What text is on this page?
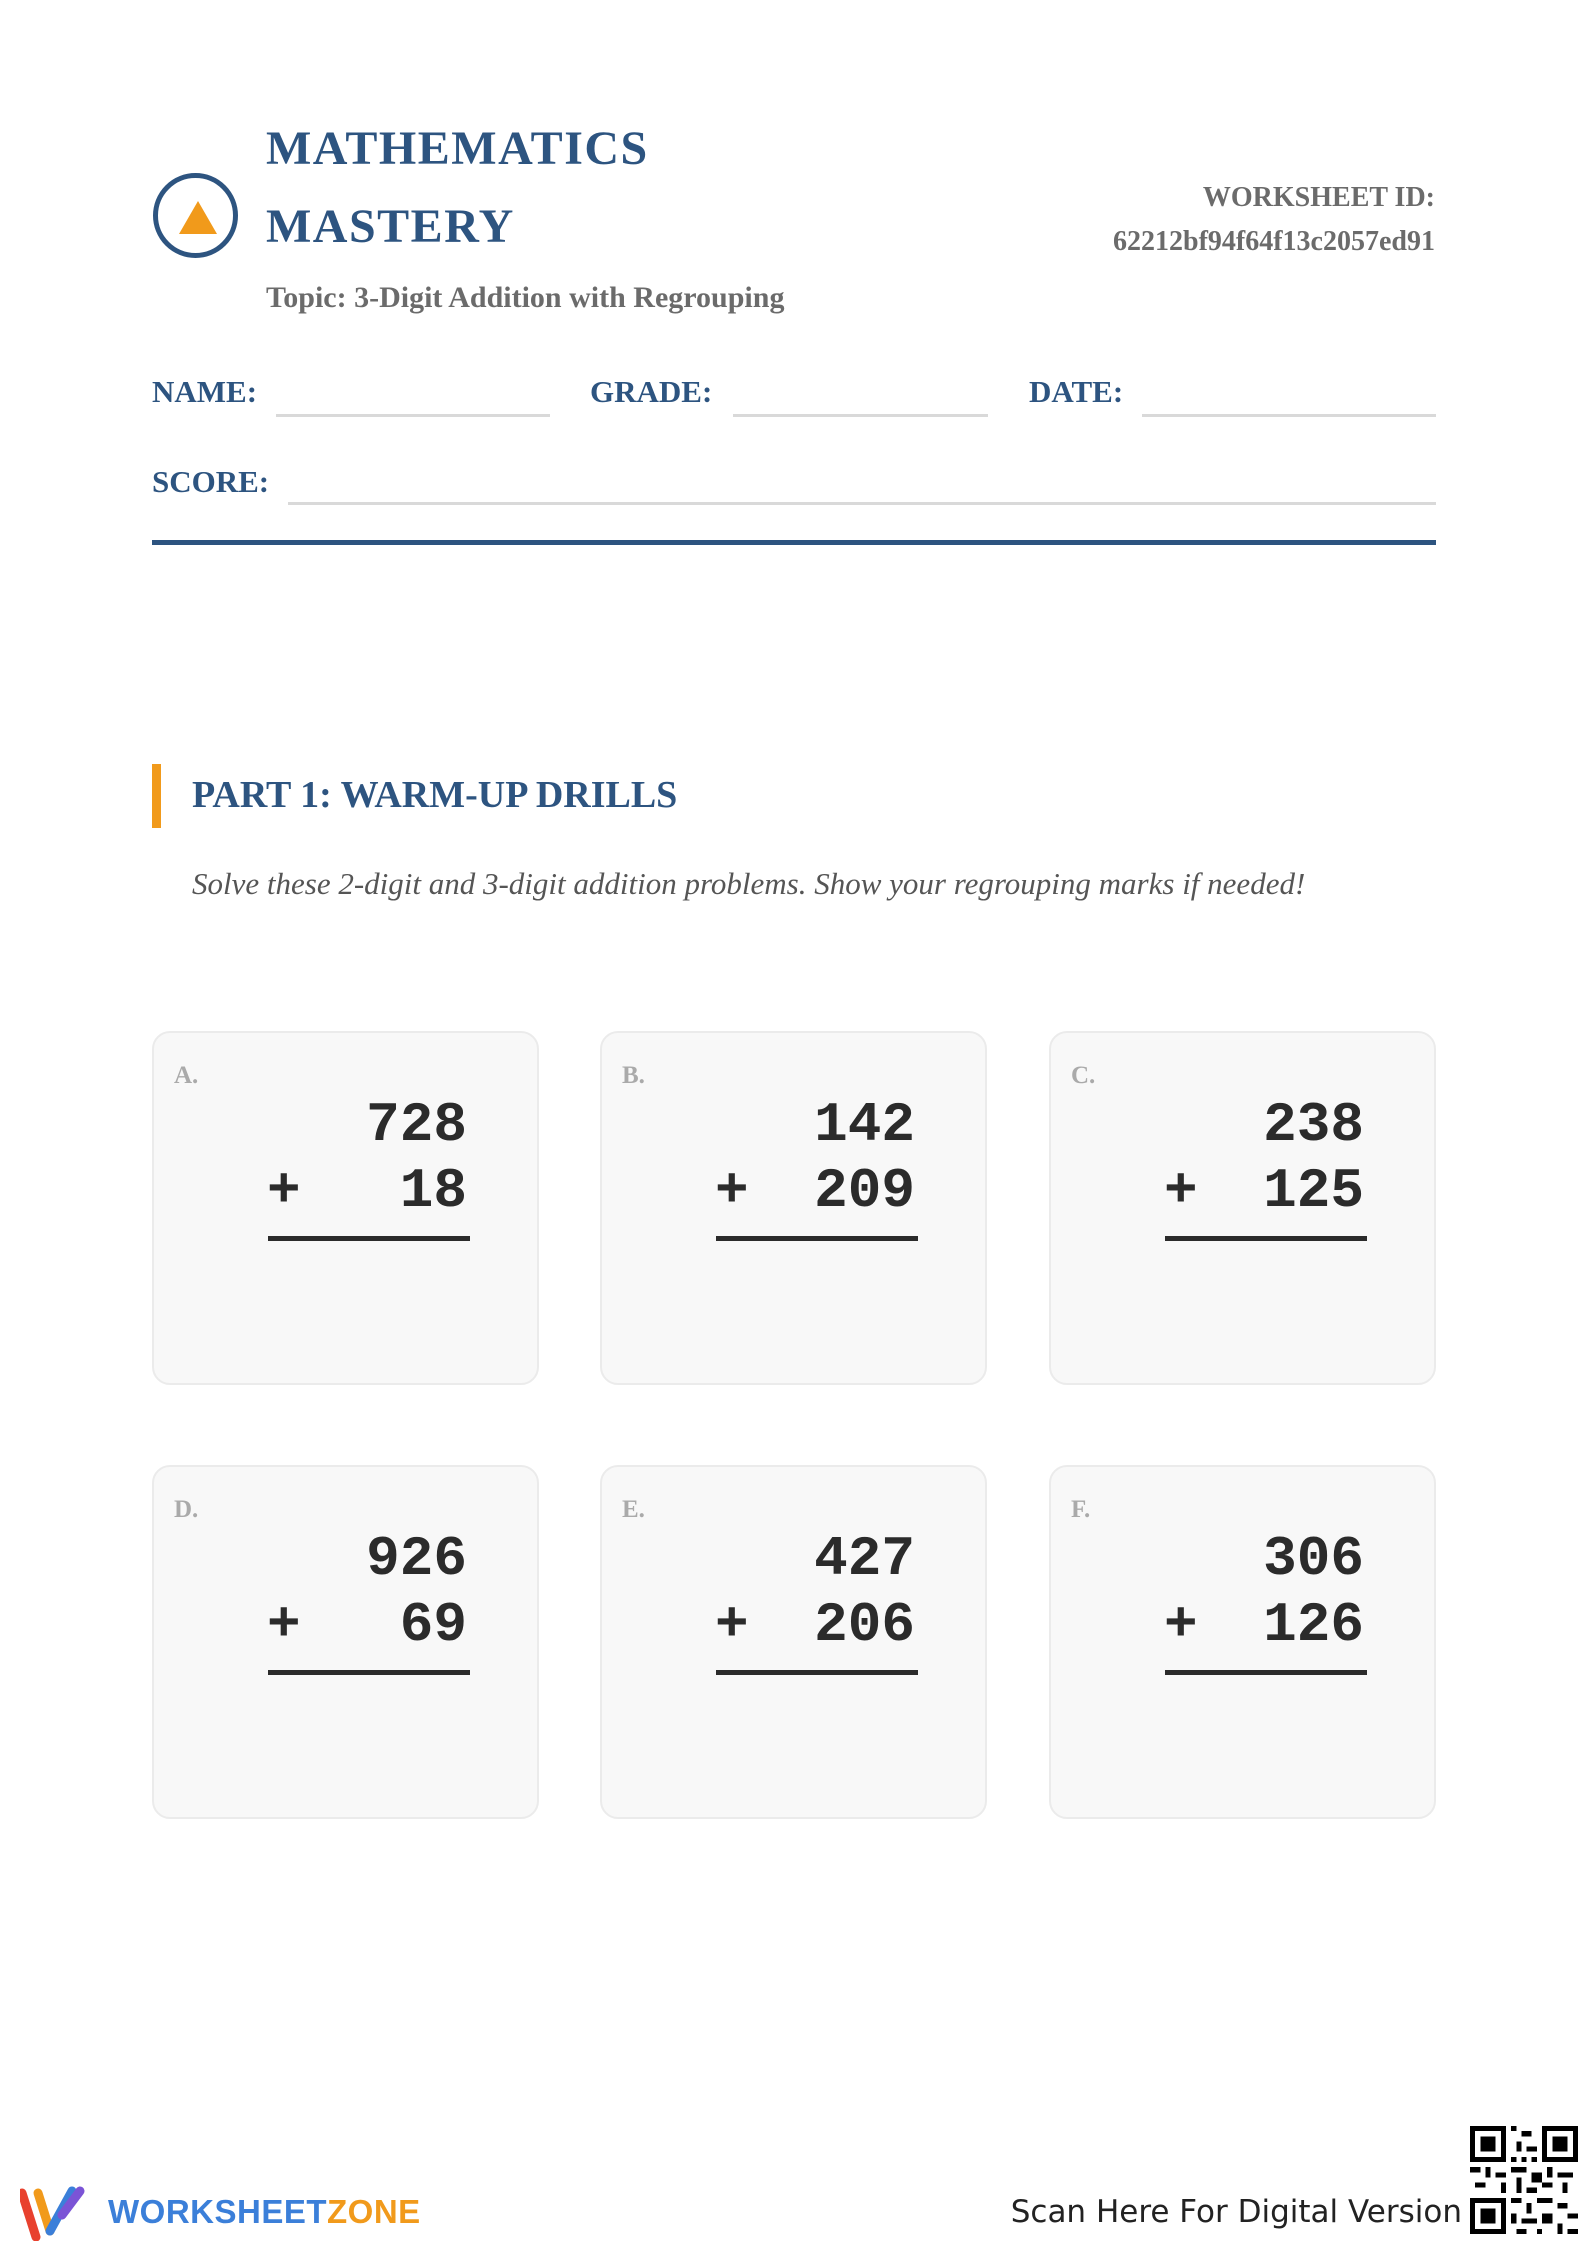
MATHEMATICS
MASTERY
Topic: 3-Digit Addition with Regrouping
WORKSHEET ID:
62212bf94f64f13c2057ed91
NAME:	GRADE:	DATE:
SCORE:
PART 1: WARM-UP DRILLS
Solve these 2-digit and 3-digit addition problems. Show your regrouping marks if needed!
A.
728
+	18
B.
142
+	209
C.
238
+	125
D.
926
+	69
E.
427
+	206
F.
306
+	126
WORKSHEETZONE	Scan Here For Digital Version
